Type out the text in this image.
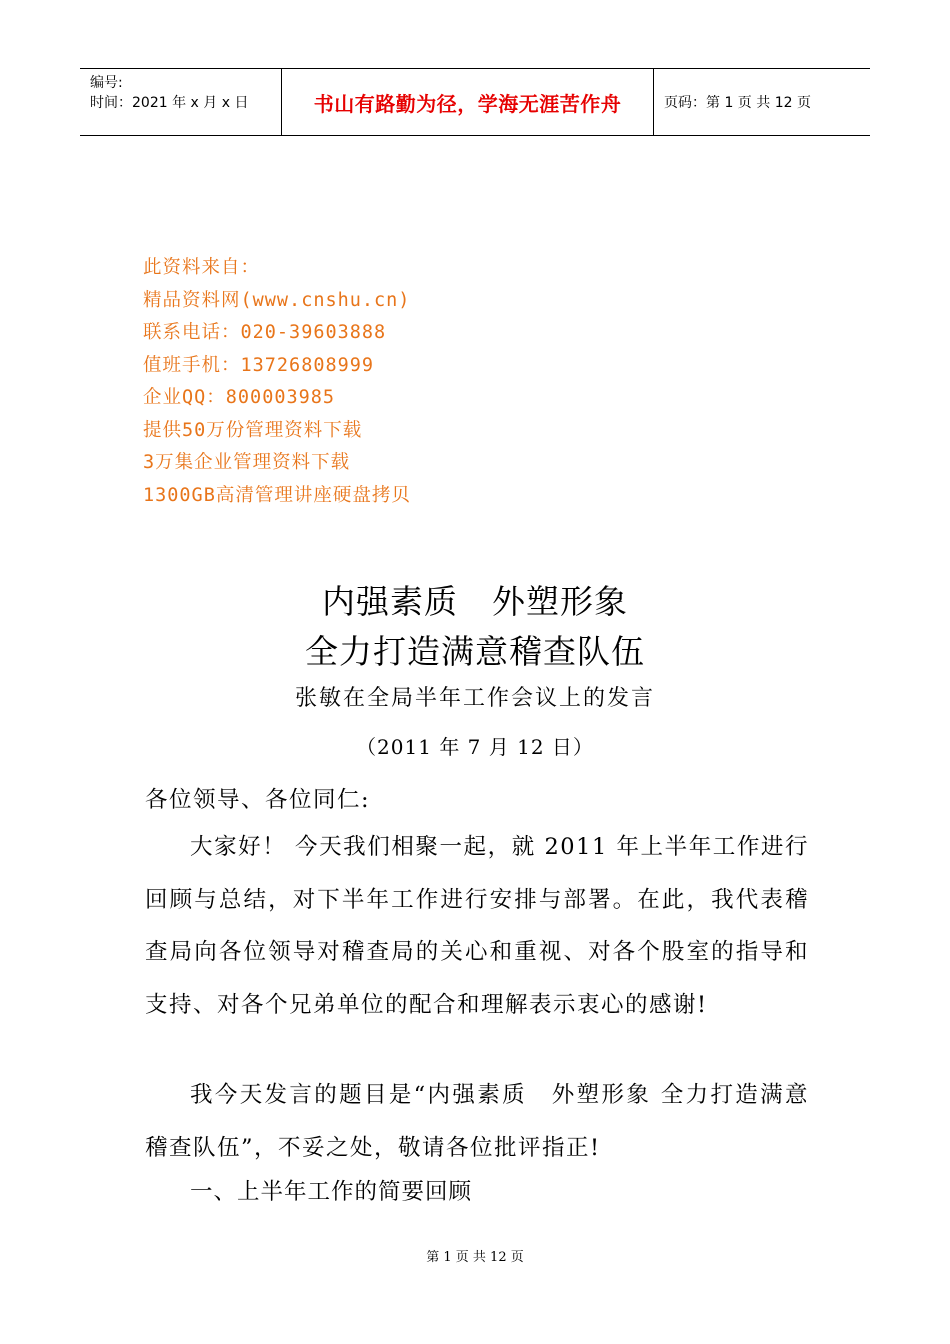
编号:
时间：2021 年 x 月 x 日	书山有路勤为径，学海无涯苦作舟	页码：第 1 页 共 12 页
此资料来自：
精品资料网(www.cnshu.cn)
联系电话：020-39603888
值班手机：13726808999
企业QQ：800003985
提供50万份管理资料下载
3万集企业管理资料下载
1300GB高清管理讲座硬盘拷贝
内强素质　外塑形象
全力打造满意稽查队伍
张敏在全局半年工作会议上的发言
（2011 年 7 月 12 日）
各位领导、各位同仁:
大家好！ 今天我们相聚一起，就 2011 年上半年工作进行回顾与总结，对下半年工作进行安排与部署。在此，我代表稽查局向各位领导对稽查局的关心和重视、对各个股室的指导和支持、对各个兄弟单位的配合和理解表示衷心的感谢!
我今天发言的题目是“内强素质　外塑形象 全力打造满意稽查队伍”，不妥之处，敬请各位批评指正!
一、上半年工作的简要回顾
第 1 页 共 12 页
